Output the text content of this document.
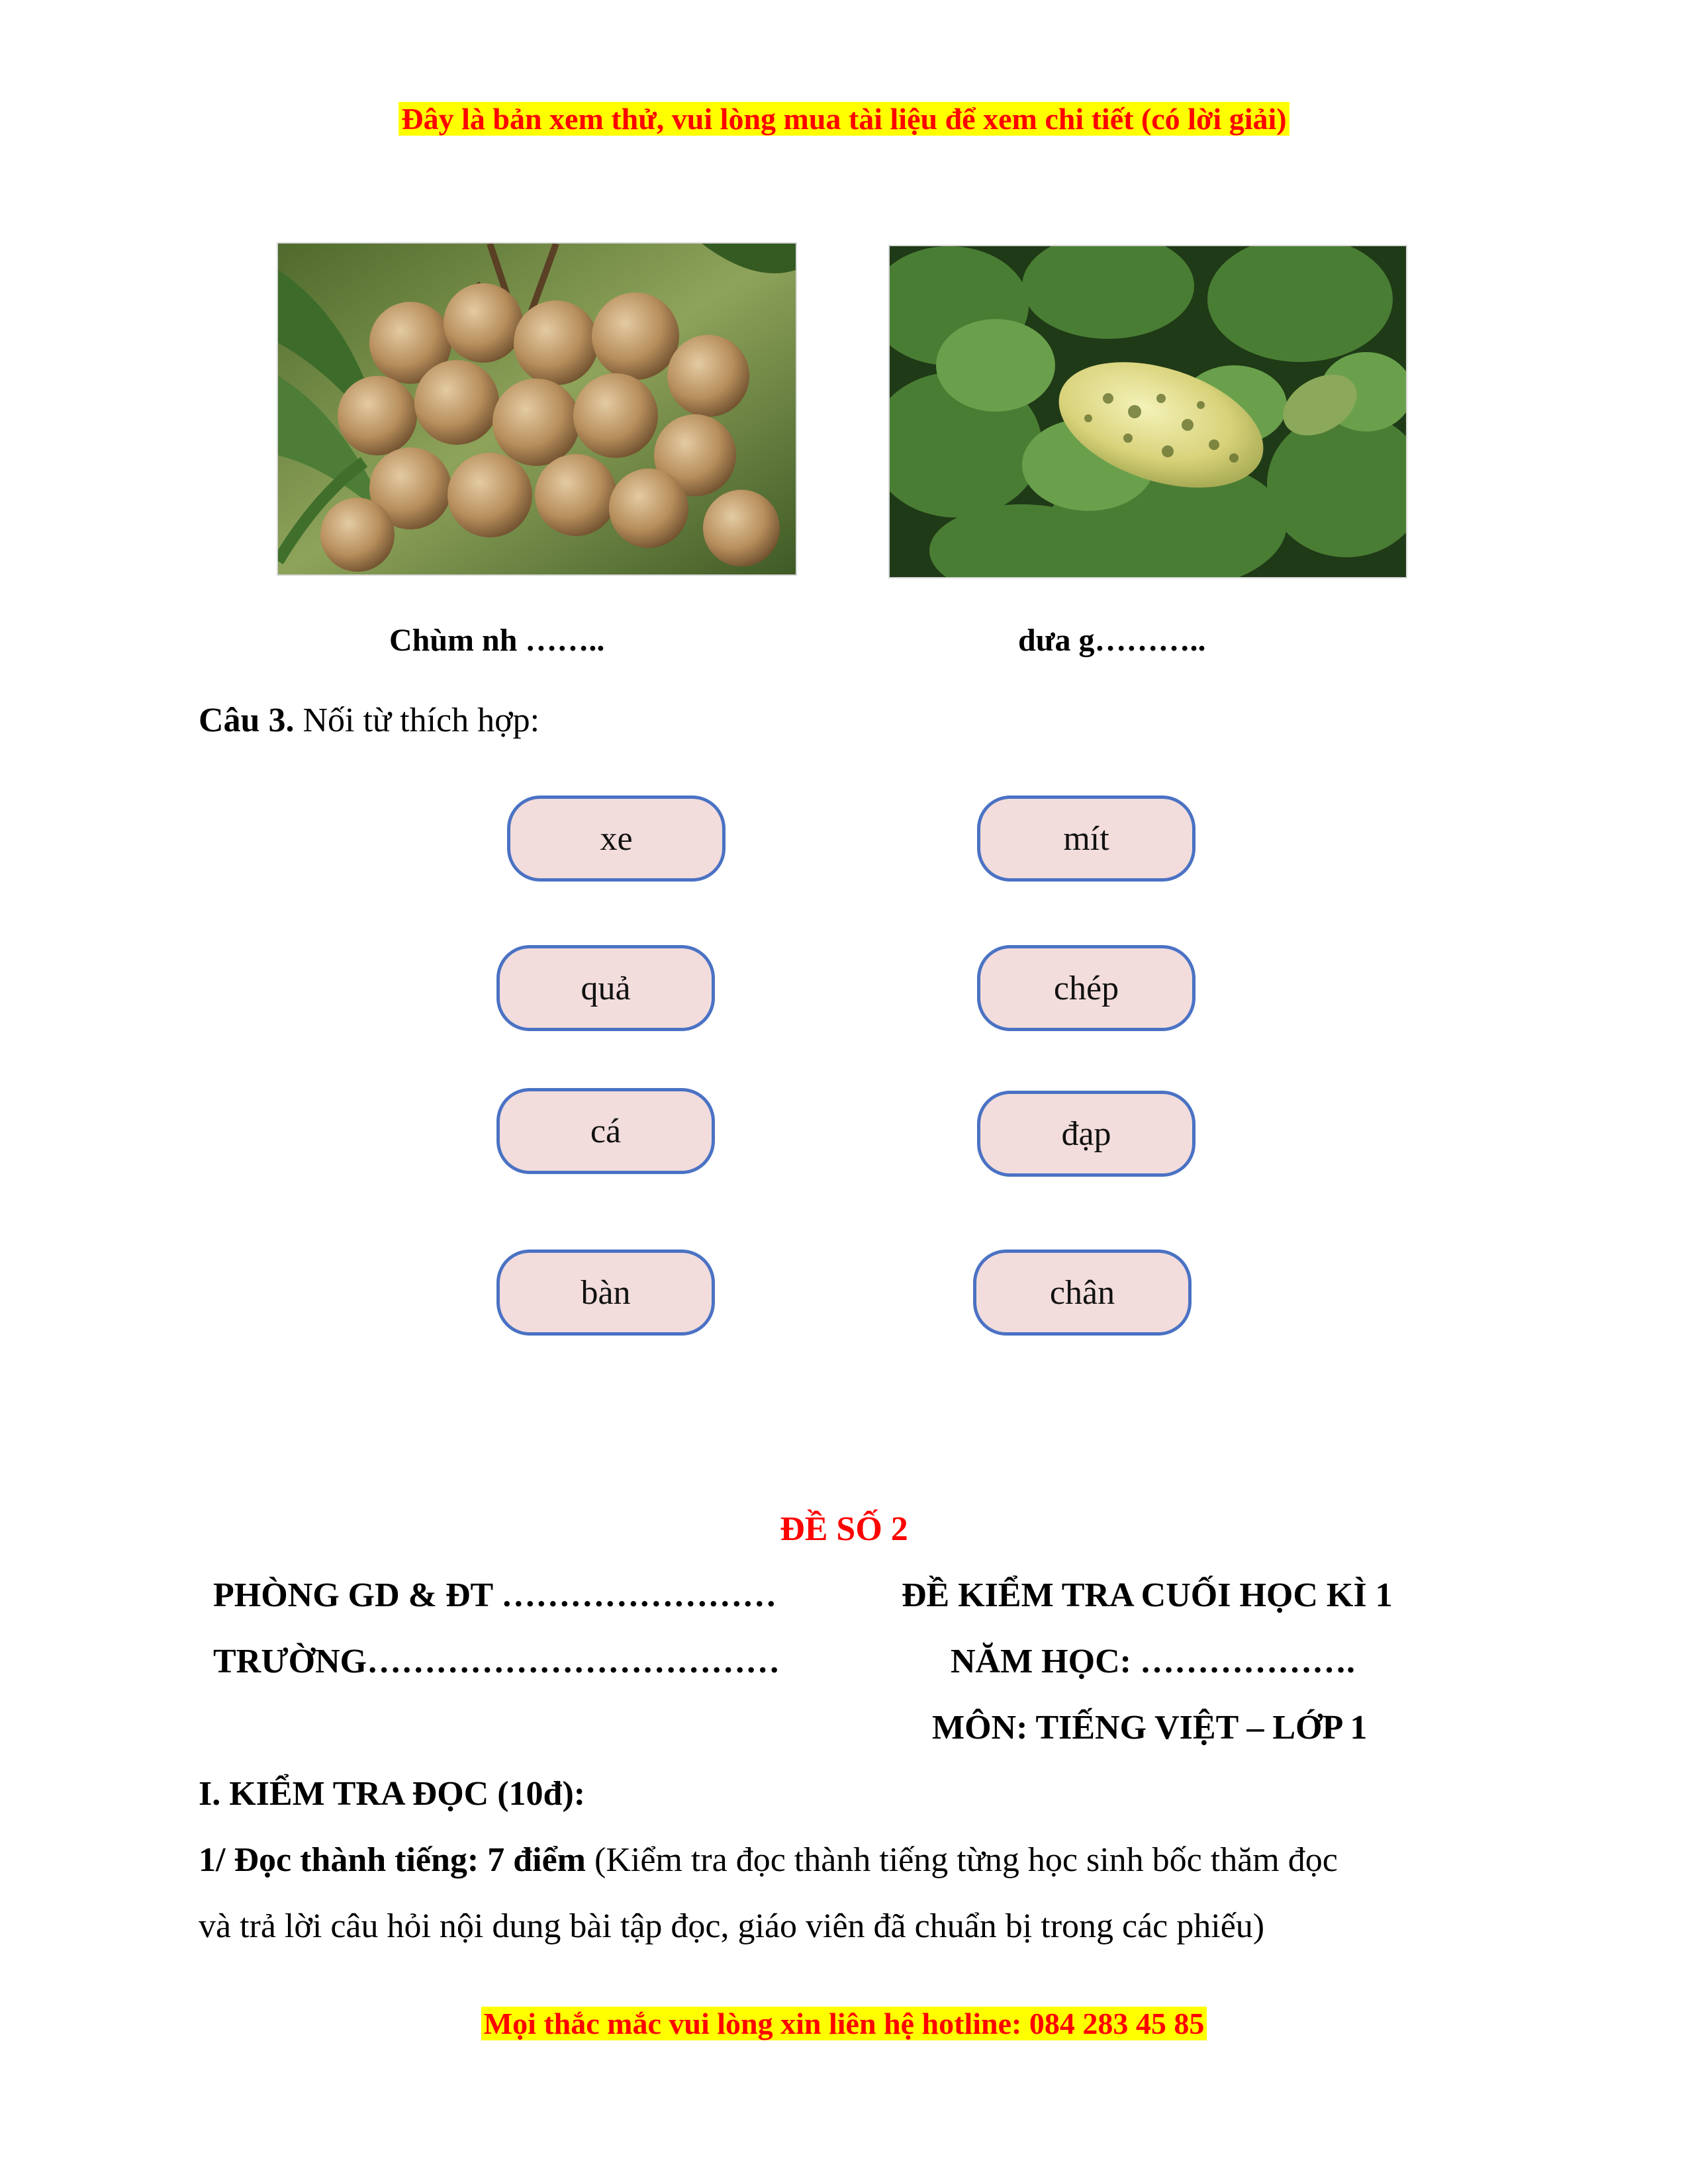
Đây là bản xem thử, vui lòng mua tài liệu để xem chi tiết (có lời giải)
Chùm nh ……..	dưa g………..
Câu 3. Nối từ thích hợp:
xe
quả
cá
bàn
mít
chép
đạp
chân
ĐỀ SỐ 2
PHÒNG GD & ĐT ……………………	ĐỀ KIỂM TRA CUỐI HỌC KÌ 1
TRƯỜNG………………………………	NĂM HỌC: ……………….
MÔN: TIẾNG VIỆT – LỚP 1
I. KIỂM TRA ĐỌC (10đ):
1/ Đọc thành tiếng: 7 điểm (Kiểm tra đọc thành tiếng từng học sinh bốc thăm đọc
và trả lời câu hỏi nội dung bài tập đọc, giáo viên đã chuẩn bị trong các phiếu)
Mọi thắc mắc vui lòng xin liên hệ hotline: 084 283 45 85
